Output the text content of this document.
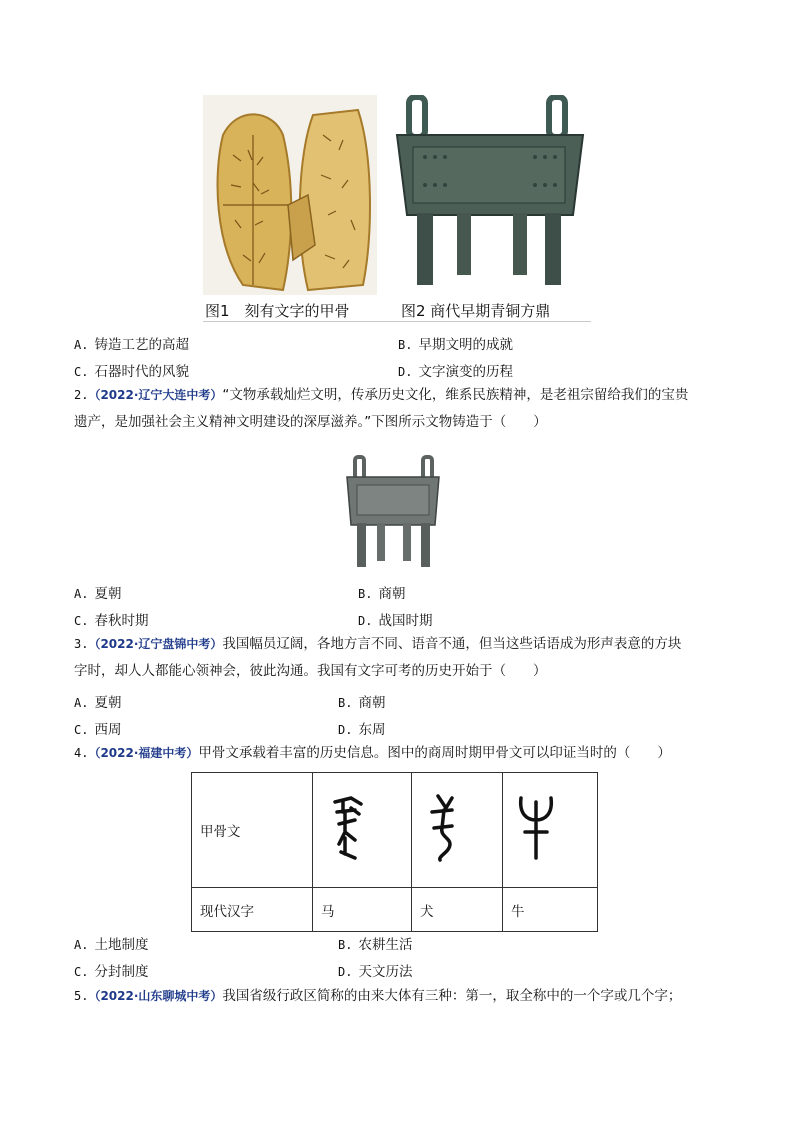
图1　刻有文字的甲骨	图2 商代早期青铜方鼎
A. 铸造工艺的高超	B. 早期文明的成就
C. 石器时代的风貌	D. 文字演变的历程
2.（2022·辽宁大连中考）“文物承载灿烂文明，传承历史文化，维系民族精神，是老祖宗留给我们的宝贵
遗产，是加强社会主义精神文明建设的深厚滋养。”下图所示文物铸造于（　　）
A. 夏朝	B. 商朝
C. 春秋时期	D. 战国时期
3.（2022·辽宁盘锦中考）我国幅员辽阔，各地方言不同、语音不通，但当这些话语成为形声表意的方块
字时，却人人都能心领神会，彼此沟通。我国有文字可考的历史开始于（　　）
A. 夏朝	B. 商朝
C. 西周	D. 东周
4.（2022·福建中考）甲骨文承载着丰富的历史信息。图中的商周时期甲骨文可以印证当时的（　　）
甲骨文			
现代汉字	马	犬	牛
A. 土地制度	B. 农耕生活
C. 分封制度	D. 天文历法
5.（2022·山东聊城中考）我国省级行政区简称的由来大体有三种：第一，取全称中的一个字或几个字；
